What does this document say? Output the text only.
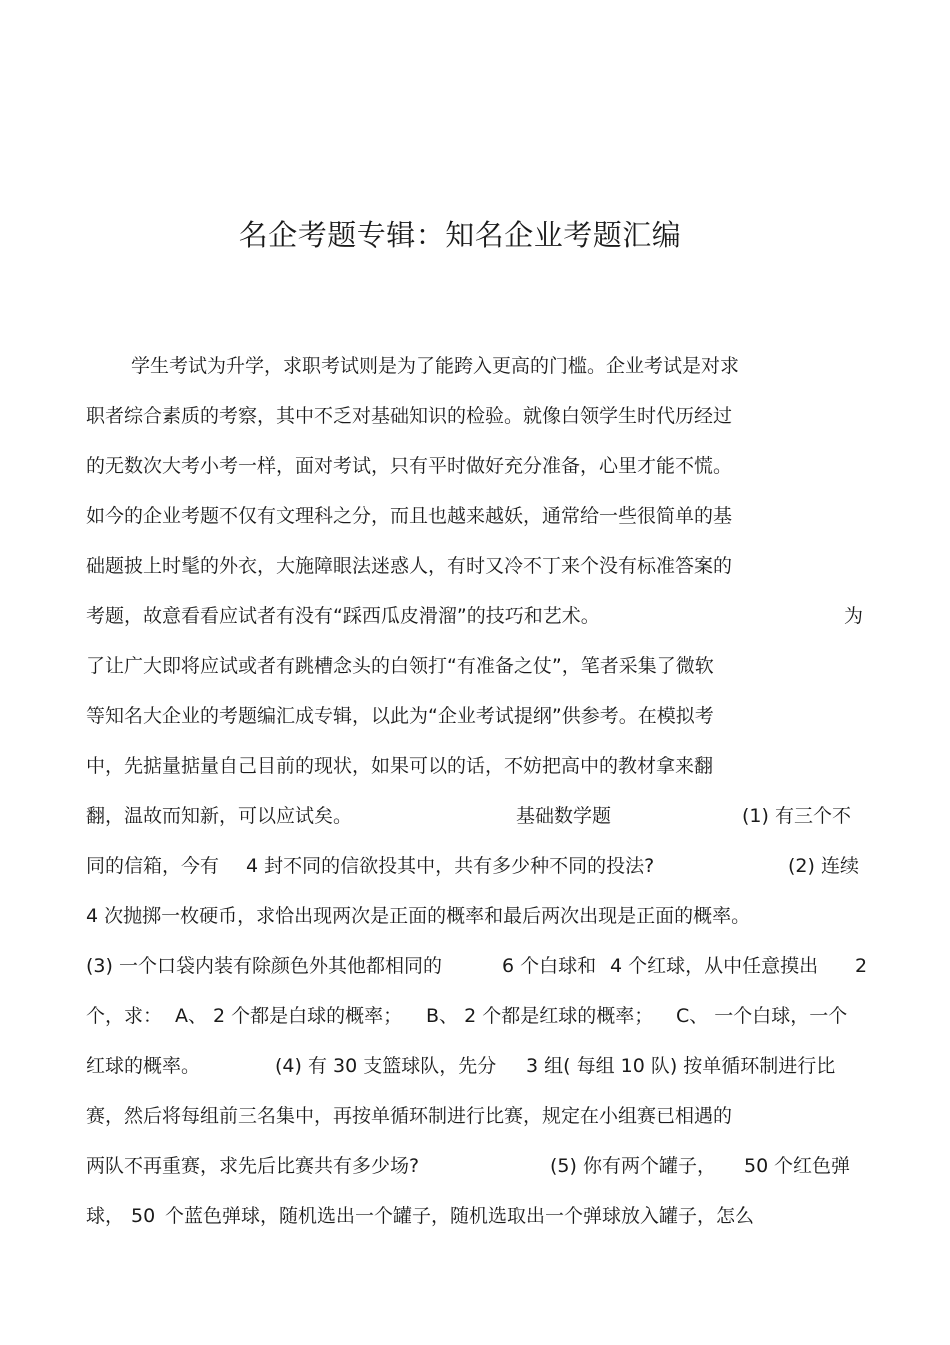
名企考题专辑：知名企业考题汇编
学生考试为升学，求职考试则是为了能跨入更高的门槛。企业考试是对求
职者综合素质的考察，其中不乏对基础知识的检验。就像白领学生时代历经过
的无数次大考小考一样，面对考试，只有平时做好充分准备，心里才能不慌。
如今的企业考题不仅有文理科之分，而且也越来越妖，通常给一些很简单的基
础题披上时髦的外衣，大施障眼法迷惑人，有时又冷不丁来个没有标准答案的
考题，故意看看应试者有没有“踩西瓜皮滑溜”的技巧和艺术。	为
了让广大即将应试或者有跳槽念头的白领打“有准备之仗”，笔者采集了微软
等知名大企业的考题编汇成专辑，以此为“企业考试提纲”供参考。在模拟考
中，先掂量掂量自己目前的现状，如果可以的话，不妨把高中的教材拿来翻
翻，温故而知新，可以应试矣。	基础数学题	(1) 有三个不
同的信箱，今有 4 封不同的信欲投其中，共有多少种不同的投法?	(2) 连续
4 次抛掷一枚硬币，求恰出现两次是正面的概率和最后两次出现是正面的概率。
(3) 一个口袋内装有除颜色外其他都相同的	6 个白球和 4 个红球，从中任意摸出 2
个，求： A、 2 个都是白球的概率； B、 2 个都是红球的概率； C、 一个白球，一个
红球的概率。	(4) 有 30 支篮球队，先分 3 组( 每组 10 队) 按单循环制进行比
赛，然后将每组前三名集中，再按单循环制进行比赛，规定在小组赛已相遇的
两队不再重赛，求先后比赛共有多少场?	(5) 你有两个罐子， 50 个红色弹
球， 50 个蓝色弹球，随机选出一个罐子，随机选取出一个弹球放入罐子，怎么
